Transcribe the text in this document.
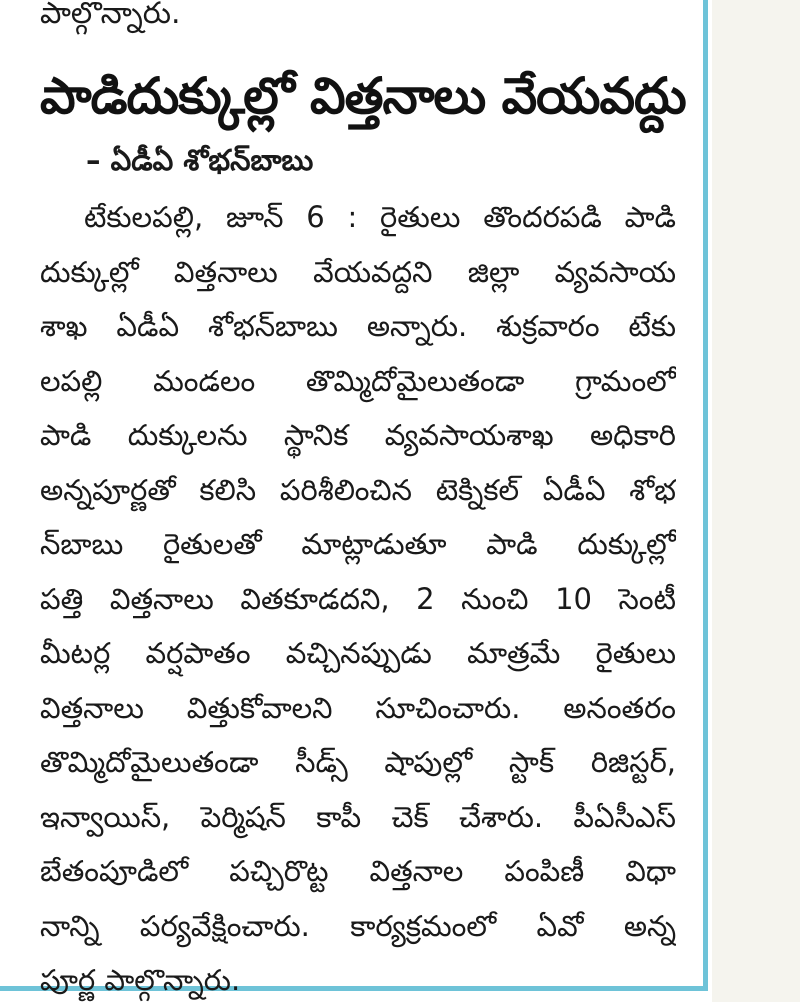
పాల్గొన్నారు.
పాడిదుక్కుల్లో విత్తనాలు వేయవద్దు
– ఏడీఏ శోభన్‌బాబు
టేకులపల్లి, జూన్ 6 : రైతులు తొందరపడి పాడి
దుక్కుల్లో విత్తనాలు వేయవద్దని జిల్లా వ్యవసాయ
శాఖ ఏడీఏ శోభన్‌బాబు అన్నారు. శుక్రవారం టేకు
లపల్లి మండలం తొమ్మిదోమైలుతండా గ్రామంలో
పాడి దుక్కులను స్థానిక వ్యవసాయశాఖ అధికారి
అన్నపూర్ణతో కలిసి పరిశీలించిన టెక్నికల్ ఏడీఏ శోభ
న్‌బాబు రైతులతో మాట్లాడుతూ పాడి దుక్కుల్లో
పత్తి విత్తనాలు వితకూడదని, 2 నుంచి 10 సెంటీ
మీటర్ల వర్షపాతం వచ్చినప్పుడు మాత్రమే రైతులు
విత్తనాలు విత్తుకోవాలని సూచించారు. అనంతరం
తొమ్మిదోమైలుతండా సీడ్స్ షాపుల్లో స్టాక్ రిజిస్టర్,
ఇన్వాయిస్, పెర్మిషన్ కాపీ చెక్ చేశారు. పీఏసీఎస్
బేతంపూడిలో పచ్చిరొట్ట విత్తనాల పంపిణీ విధా
నాన్ని పర్యవేక్షించారు. కార్యక్రమంలో ఏవో అన్న
పూర్ణ పాల్గొన్నారు.
